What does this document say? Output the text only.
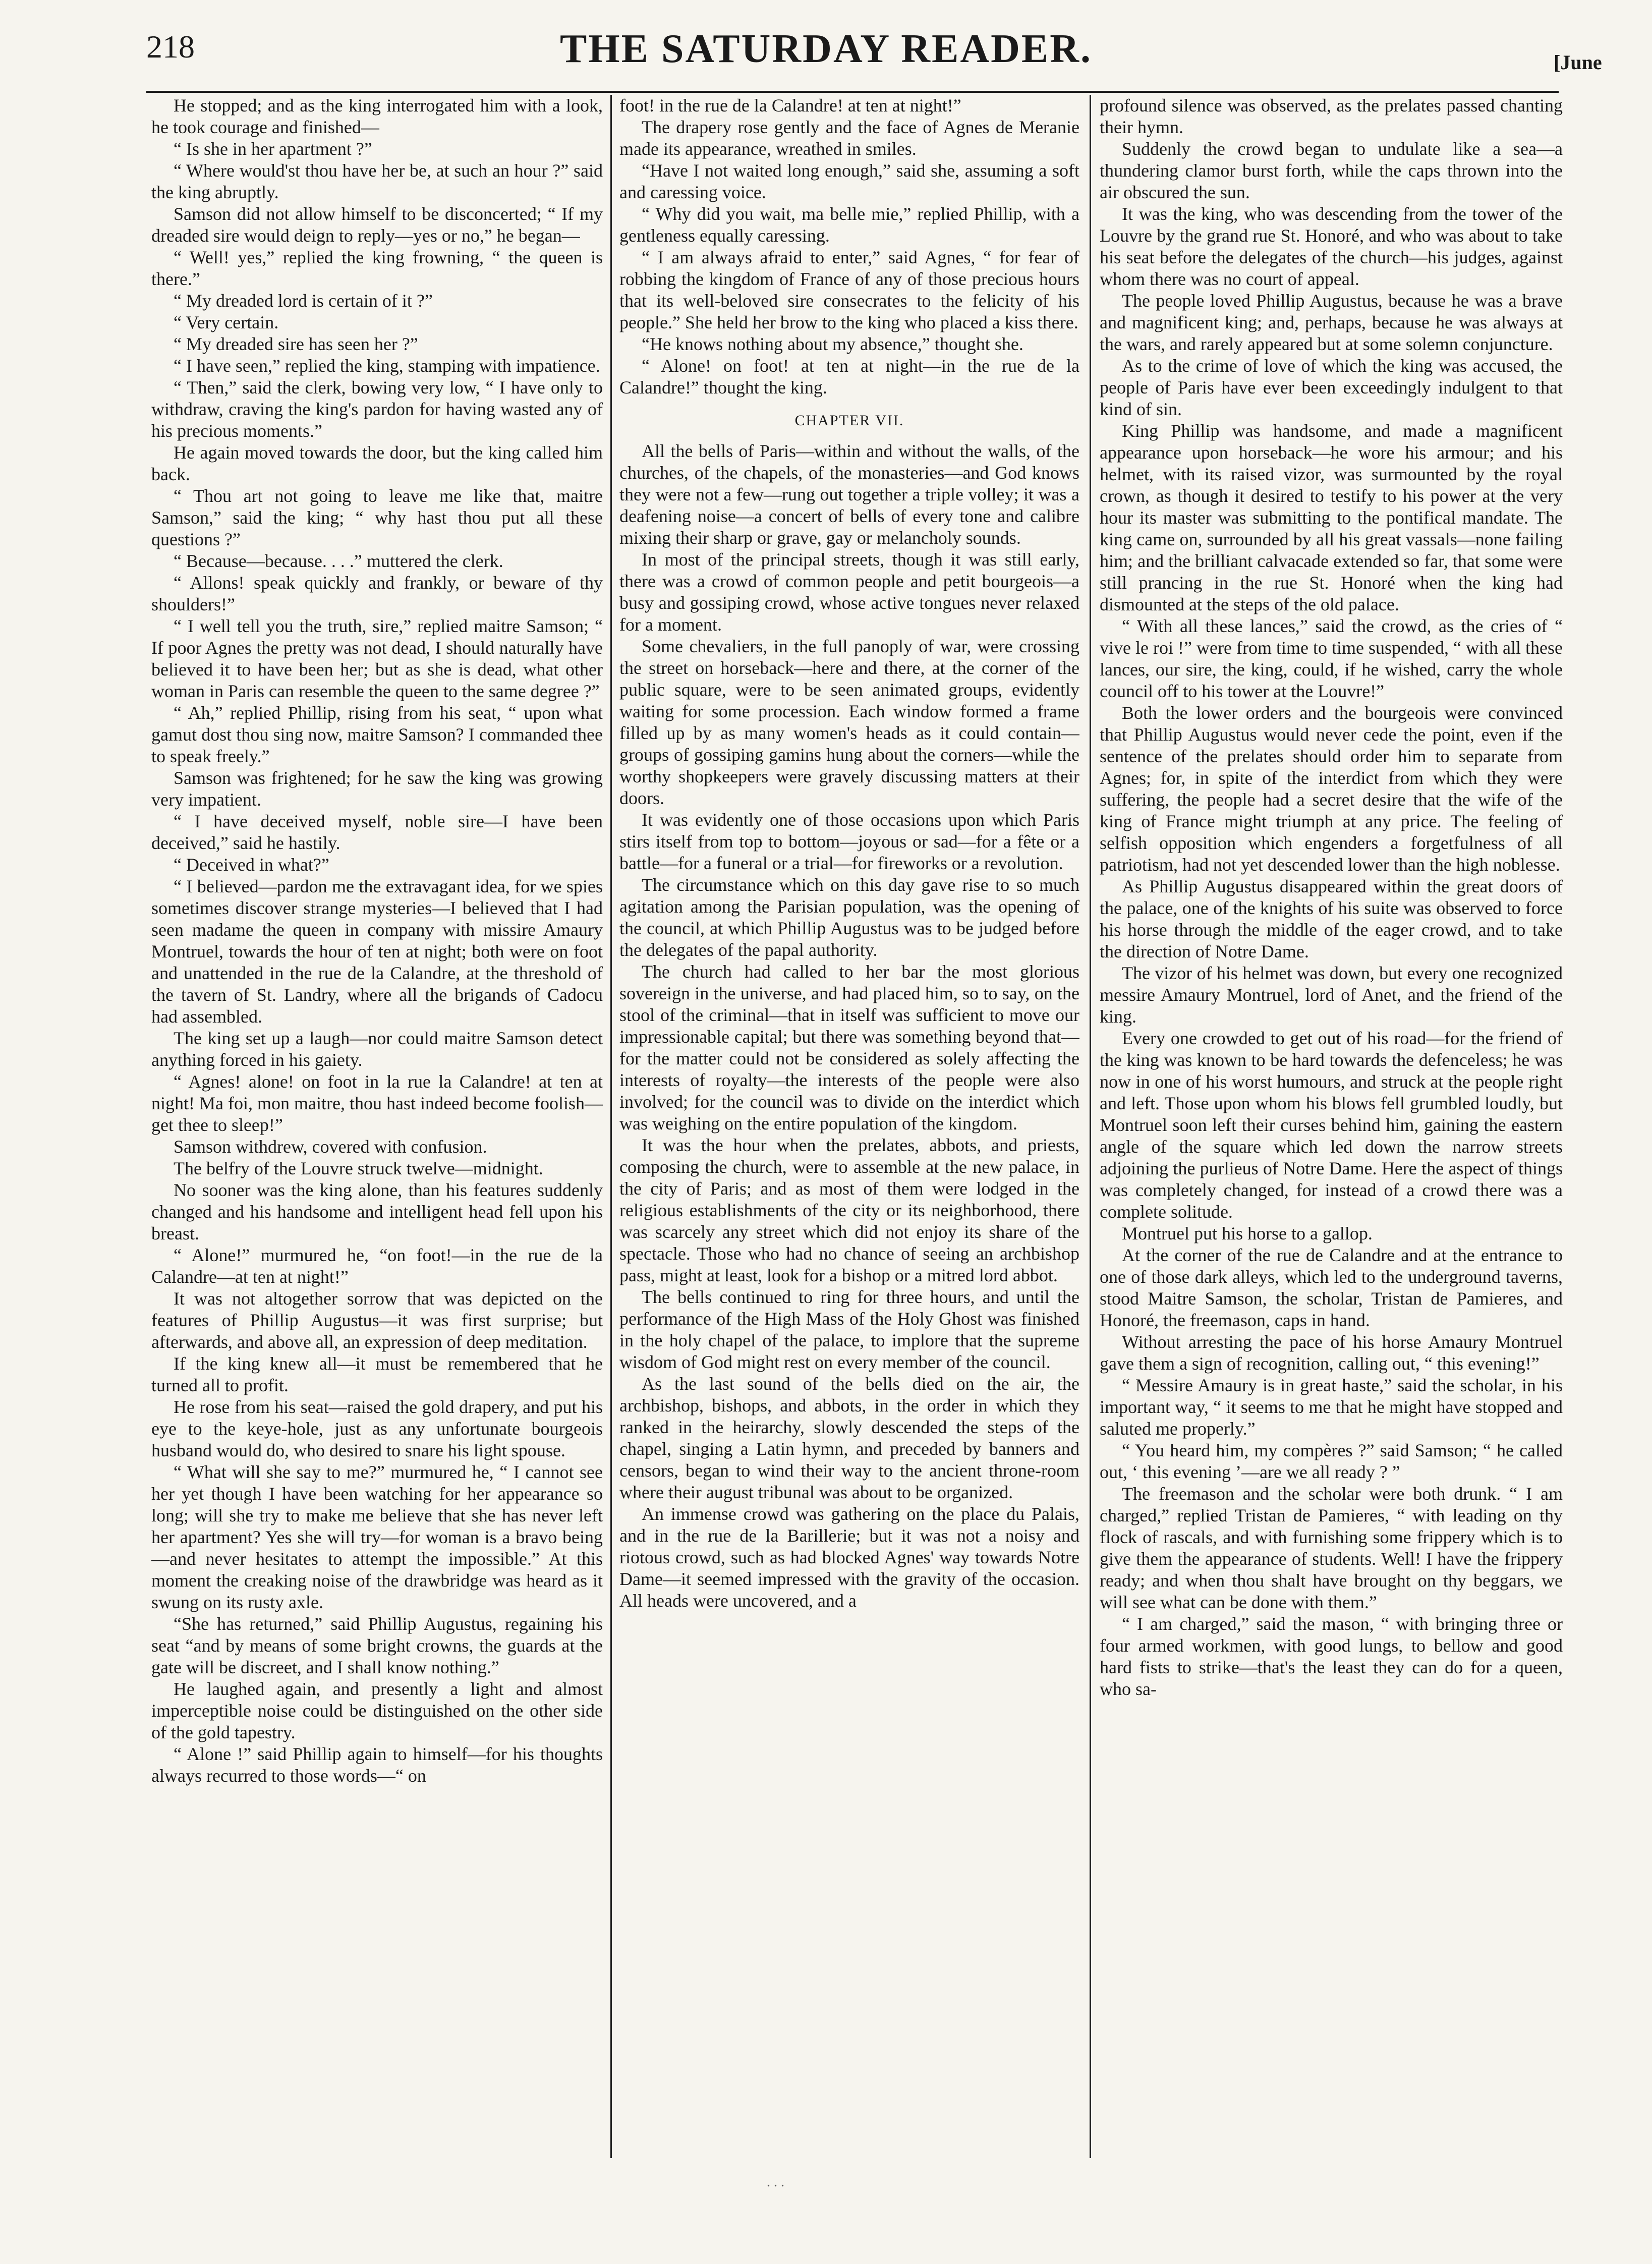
218	THE SATURDAY READER.	[June

He stopped; and as the king interrogated him with a look, he took courage and finished—

“ Is she in her apartment ?”

“ Where would'st thou have her be, at such an hour ?” said the king abruptly.

Samson did not allow himself to be disconcerted; “ If my dreaded sire would deign to reply—yes or no,” he began—

“ Well! yes,” replied the king frowning, “ the queen is there.”

“ My dreaded lord is certain of it ?”

“ Very certain.

“ My dreaded sire has seen her ?”

“ I have seen,” replied the king, stamping with impatience.

“ Then,” said the clerk, bowing very low, “ I have only to withdraw, craving the king's pardon for having wasted any of his precious moments.”

He again moved towards the door, but the king called him back.

“ Thou art not going to leave me like that, maitre Samson,” said the king; “ why hast thou put all these questions ?”

“ Because—because. . . .” muttered the clerk.

“ Allons! speak quickly and frankly, or beware of thy shoulders!”

“ I well tell you the truth, sire,” replied maitre Samson; “ If poor Agnes the pretty was not dead, I should naturally have believed it to have been her; but as she is dead, what other woman in Paris can resemble the queen to the same degree ?”

“ Ah,” replied Phillip, rising from his seat, “ upon what gamut dost thou sing now, maitre Samson? I commanded thee to speak freely.”

Samson was frightened; for he saw the king was growing very impatient.

“ I have deceived myself, noble sire—I have been deceived,” said he hastily.

“ Deceived in what?”

“ I believed—pardon me the extravagant idea, for we spies sometimes discover strange mysteries—I believed that I had seen madame the queen in company with missire Amaury Montruel, towards the hour of ten at night; both were on foot and unattended in the rue de la Calandre, at the threshold of the tavern of St. Landry, where all the brigands of Cadocu had assembled.

The king set up a laugh—nor could maitre Samson detect anything forced in his gaiety.

“ Agnes! alone! on foot in la rue la Calandre! at ten at night! Ma foi, mon maitre, thou hast indeed become foolish—get thee to sleep!”

Samson withdrew, covered with confusion.

The belfry of the Louvre struck twelve—midnight.

No sooner was the king alone, than his features suddenly changed and his handsome and intelligent head fell upon his breast.

“ Alone!” murmured he, “on foot!—in the rue de la Calandre—at ten at night!”

It was not altogether sorrow that was depicted on the features of Phillip Augustus—it was first surprise; but afterwards, and above all, an expression of deep meditation.

If the king knew all—it must be remembered that he turned all to profit.

He rose from his seat—raised the gold drapery, and put his eye to the keye-hole, just as any unfortunate bourgeois husband would do, who desired to snare his light spouse.

“ What will she say to me?” murmured he, “ I cannot see her yet though I have been watching for her appearance so long; will she try to make me believe that she has never left her apartment? Yes she will try—for woman is a bravo being—and never hesitates to attempt the impossible.” At this moment the creaking noise of the drawbridge was heard as it swung on its rusty axle.

“She has returned,” said Phillip Augustus, regaining his seat “and by means of some bright crowns, the guards at the gate will be discreet, and I shall know nothing.”

He laughed again, and presently a light and almost imperceptible noise could be distinguished on the other side of the gold tapestry.

“ Alone !” said Phillip again to himself—for his thoughts always recurred to those words—“ on

foot! in the rue de la Calandre! at ten at night!”

The drapery rose gently and the face of Agnes de Meranie made its appearance, wreathed in smiles.

“Have I not waited long enough,” said she, assuming a soft and caressing voice.

“ Why did you wait, ma belle mie,” replied Phillip, with a gentleness equally caressing.

“ I am always afraid to enter,” said Agnes, “ for fear of robbing the kingdom of France of any of those precious hours that its well-beloved sire consecrates to the felicity of his people.” She held her brow to the king who placed a kiss there.

“He knows nothing about my absence,” thought she.

“ Alone! on foot! at ten at night—in the rue de la Calandre!” thought the king.

CHAPTER VII.

All the bells of Paris—within and without the walls, of the churches, of the chapels, of the monasteries—and God knows they were not a few—rung out together a triple volley; it was a deafening noise—a concert of bells of every tone and calibre mixing their sharp or grave, gay or melancholy sounds.

In most of the principal streets, though it was still early, there was a crowd of common people and petit bourgeois—a busy and gossiping crowd, whose active tongues never relaxed for a moment.

Some chevaliers, in the full panoply of war, were crossing the street on horseback—here and there, at the corner of the public square, were to be seen animated groups, evidently waiting for some procession. Each window formed a frame filled up by as many women's heads as it could contain—groups of gossiping gamins hung about the corners—while the worthy shopkeepers were gravely discussing matters at their doors.

It was evidently one of those occasions upon which Paris stirs itself from top to bottom—joyous or sad—for a fête or a battle—for a funeral or a trial—for fireworks or a revolution.

The circumstance which on this day gave rise to so much agitation among the Parisian population, was the opening of the council, at which Phillip Augustus was to be judged before the delegates of the papal authority.

The church had called to her bar the most glorious sovereign in the universe, and had placed him, so to say, on the stool of the criminal—that in itself was sufficient to move our impressionable capital; but there was something beyond that—for the matter could not be considered as solely affecting the interests of royalty—the interests of the people were also involved; for the council was to divide on the interdict which was weighing on the entire population of the kingdom.

It was the hour when the prelates, abbots, and priests, composing the church, were to assemble at the new palace, in the city of Paris; and as most of them were lodged in the religious establishments of the city or its neighborhood, there was scarcely any street which did not enjoy its share of the spectacle. Those who had no chance of seeing an archbishop pass, might at least, look for a bishop or a mitred lord abbot.

The bells continued to ring for three hours, and until the performance of the High Mass of the Holy Ghost was finished in the holy chapel of the palace, to implore that the supreme wisdom of God might rest on every member of the council.

As the last sound of the bells died on the air, the archbishop, bishops, and abbots, in the order in which they ranked in the heirarchy, slowly descended the steps of the chapel, singing a Latin hymn, and preceded by banners and censors, began to wind their way to the ancient throne-room where their august tribunal was about to be organized.

An immense crowd was gathering on the place du Palais, and in the rue de la Barillerie; but it was not a noisy and riotous crowd, such as had blocked Agnes' way towards Notre Dame—it seemed impressed with the gravity of the occasion. All heads were uncovered, and a

profound silence was observed, as the prelates passed chanting their hymn.

Suddenly the crowd began to undulate like a sea—a thundering clamor burst forth, while the caps thrown into the air obscured the sun.

It was the king, who was descending from the tower of the Louvre by the grand rue St. Honoré, and who was about to take his seat before the delegates of the church—his judges, against whom there was no court of appeal.

The people loved Phillip Augustus, because he was a brave and magnificent king; and, perhaps, because he was always at the wars, and rarely appeared but at some solemn conjuncture.

As to the crime of love of which the king was accused, the people of Paris have ever been exceedingly indulgent to that kind of sin.

King Phillip was handsome, and made a magnificent appearance upon horseback—he wore his armour; and his helmet, with its raised vizor, was surmounted by the royal crown, as though it desired to testify to his power at the very hour its master was submitting to the pontifical mandate. The king came on, surrounded by all his great vassals—none failing him; and the brilliant calvacade extended so far, that some were still prancing in the rue St. Honoré when the king had dismounted at the steps of the old palace.

“ With all these lances,” said the crowd, as the cries of “ vive le roi !” were from time to time suspended, “ with all these lances, our sire, the king, could, if he wished, carry the whole council off to his tower at the Louvre!”

Both the lower orders and the bourgeois were convinced that Phillip Augustus would never cede the point, even if the sentence of the prelates should order him to separate from Agnes; for, in spite of the interdict from which they were suffering, the people had a secret desire that the wife of the king of France might triumph at any price. The feeling of selfish opposition which engenders a forgetfulness of all patriotism, had not yet descended lower than the high noblesse.

As Phillip Augustus disappeared within the great doors of the palace, one of the knights of his suite was observed to force his horse through the middle of the eager crowd, and to take the direction of Notre Dame.

The vizor of his helmet was down, but every one recognized messire Amaury Montruel, lord of Anet, and the friend of the king.

Every one crowded to get out of his road—for the friend of the king was known to be hard towards the defenceless; he was now in one of his worst humours, and struck at the people right and left. Those upon whom his blows fell grumbled loudly, but Montruel soon left their curses behind him, gaining the eastern angle of the square which led down the narrow streets adjoining the purlieus of Notre Dame. Here the aspect of things was completely changed, for instead of a crowd there was a complete solitude.

Montruel put his horse to a gallop.

At the corner of the rue de Calandre and at the entrance to one of those dark alleys, which led to the underground taverns, stood Maitre Samson, the scholar, Tristan de Pamieres, and Honoré, the freemason, caps in hand.

Without arresting the pace of his horse Amaury Montruel gave them a sign of recognition, calling out, “ this evening!”

“ Messire Amaury is in great haste,” said the scholar, in his important way, “ it seems to me that he might have stopped and saluted me properly.”

“ You heard him, my compères ?” said Samson; “ he called out, ‘ this evening ’—are we all ready ? ”

The freemason and the scholar were both drunk. “ I am charged,” replied Tristan de Pamieres, “ with leading on thy flock of rascals, and with furnishing some frippery which is to give them the appearance of students. Well! I have the frippery ready; and when thou shalt have brought on thy beggars, we will see what can be done with them.”

“ I am charged,” said the mason, “ with bringing three or four armed workmen, with good lungs, to bellow and good hard fists to strike—that's the least they can do for a queen, who sa-

. . .
